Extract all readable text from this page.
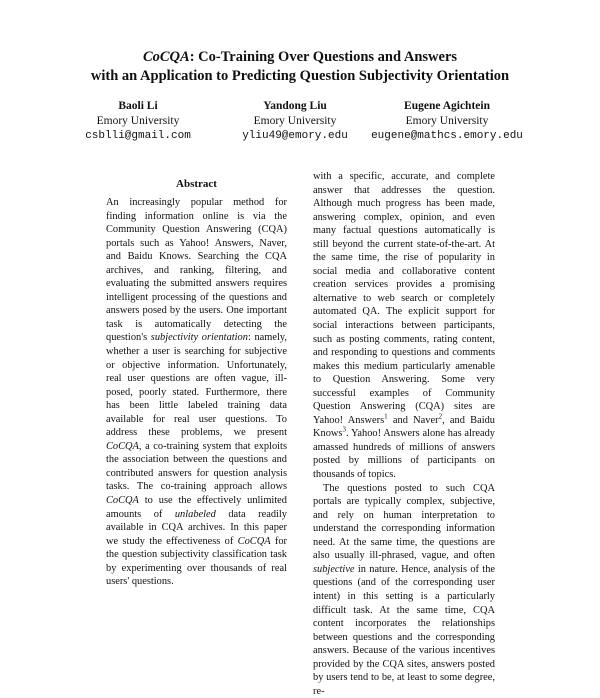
CoCQA: Co-Training Over Questions and Answers
with an Application to Predicting Question Subjectivity Orientation
Baoli Li
Emory University
csblli@gmail.com
Yandong Liu
Emory University
yliu49@emory.edu
Eugene Agichtein
Emory University
eugene@mathcs.emory.edu
Abstract

An increasingly popular method for finding information online is via the Community Question Answering (CQA) portals such as Yahoo! Answers, Naver, and Baidu Knows. Searching the CQA archives, and ranking, filtering, and evaluating the submitted answers requires intelligent processing of the questions and answers posed by the users. One important task is automatically detecting the question's subjectivity orientation: namely, whether a user is searching for subjective or objective information. Unfortunately, real user questions are often vague, ill-posed, poorly stated. Furthermore, there has been little labeled training data available for real user questions. To address these problems, we present CoCQA, a co-training system that exploits the association between the questions and contributed answers for question analysis tasks. The co-training approach allows CoCQA to use the effectively unlimited amounts of unlabeled data readily available in CQA archives. In this paper we study the effectiveness of CoCQA for the question subjectivity classification task by experimenting over thousands of real users' questions.

with a specific, accurate, and complete answer that addresses the question. Although much progress has been made, answering complex, opinion, and even many factual questions automatically is still beyond the current state-of-the-art. At the same time, the rise of popularity in social media and collaborative content creation services provides a promising alternative to web search or completely automated QA. The explicit support for social interactions between participants, such as posting comments, rating content, and responding to questions and comments makes this medium particularly amenable to Question Answering. Some very successful examples of Community Question Answering (CQA) sites are Yahoo! Answers$^1$ and Naver$^2$, and Baidu Knows$^3$. Yahoo! Answers alone has already amassed hundreds of millions of answers posted by millions of participants on thousands of topics.

The questions posted to such CQA portals are typically complex, subjective, and rely on human interpretation to understand the corresponding information need. At the same time, the questions are also usually ill-phrased, vague, and often subjective in nature. Hence, analysis of the questions (and of the corresponding user intent) in this setting is a particularly difficult task. At the same time, CQA content incorporates the relationships between questions and the corresponding answers. Because of the various incentives provided by the CQA sites, answers posted by users tend to be, at least to some degree, re-
